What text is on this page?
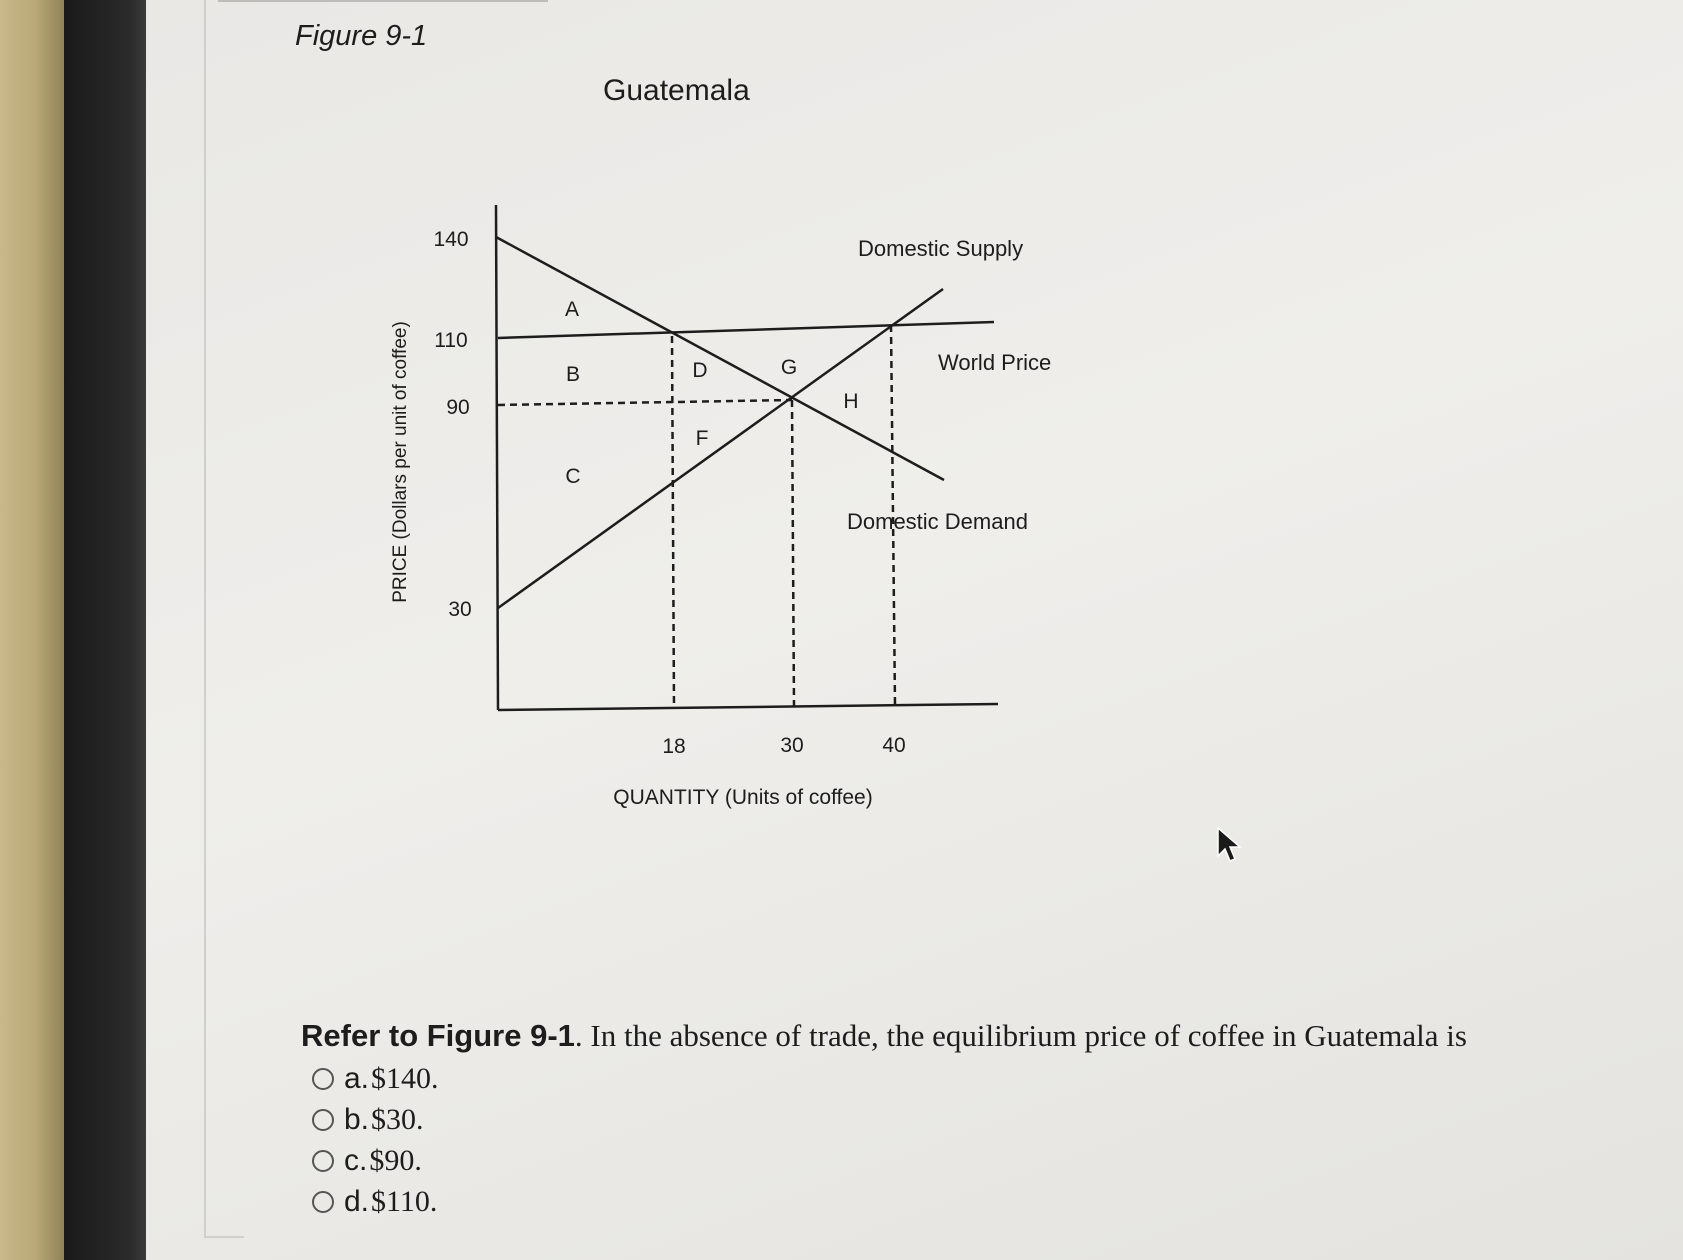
Figure 9-1
Guatemala
PRICE (Dollars per unit of coffee)
140
110
90
30
18	30	40
QUANTITY (Units of coffee)
A
B
C
D
F
G
H
Domestic Supply
World Price
Domestic Demand
Refer to Figure 9-1. In the absence of trade, the equilibrium price of coffee in Guatemala is
a. $140.
b. $30.
c. $90.
d. $110.
